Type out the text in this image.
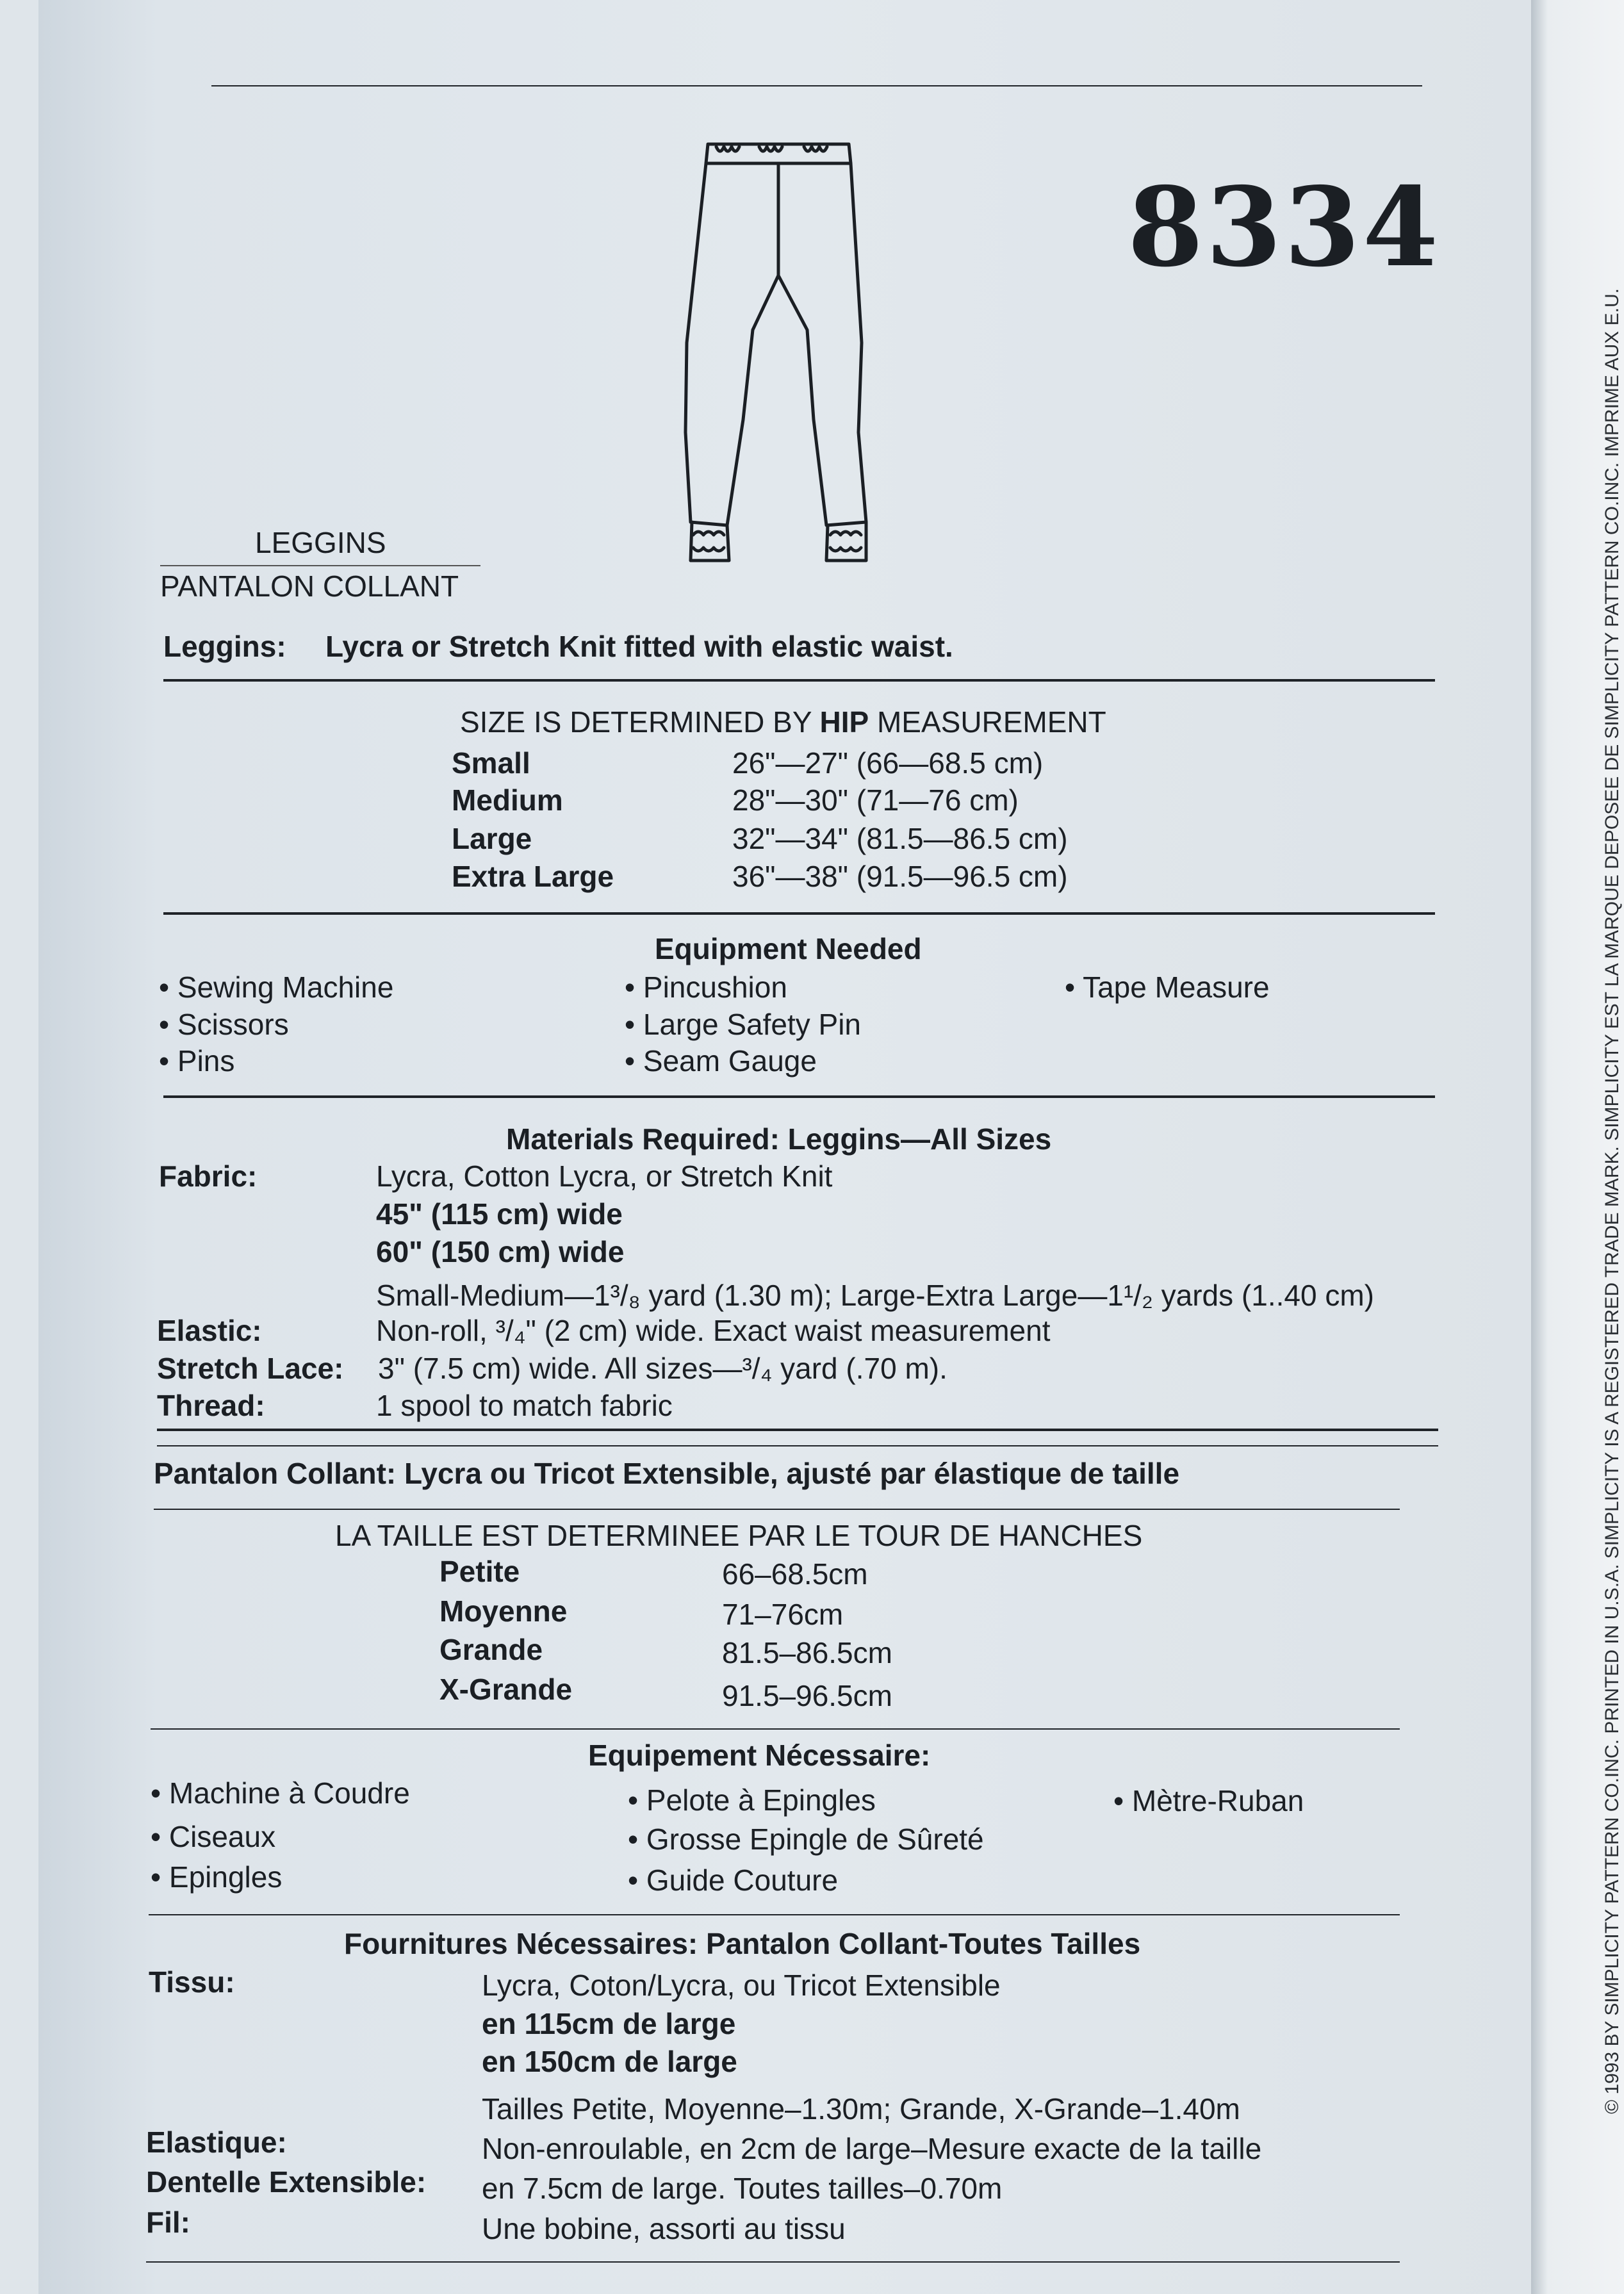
8334
LEGGINS
PANTALON COLLANT
Leggins: Lycra or Stretch Knit fitted with elastic waist.
SIZE IS DETERMINED BY HIP MEASUREMENT
Small	26"—27" (66—68.5 cm)
Medium	28"—30" (71—76 cm)
Large	32"—34" (81.5—86.5 cm)
Extra Large	36"—38" (91.5—96.5 cm)
Equipment Needed
• Sewing Machine
• Scissors
• Pins
• Pincushion
• Large Safety Pin
• Seam Gauge
• Tape Measure
Materials Required: Leggins—All Sizes
Fabric:	Lycra, Cotton Lycra, or Stretch Knit
45" (115 cm) wide
60" (150 cm) wide
Small-Medium—1³/₈ yard (1.30 m); Large-Extra Large—1¹/₂ yards (1..40 cm)
Elastic:	Non-roll, ³/₄" (2 cm) wide. Exact waist measurement
Stretch Lace: 3" (7.5 cm) wide. All sizes—³/₄ yard (.70 m).
Thread:	1 spool to match fabric
Pantalon Collant: Lycra ou Tricot Extensible, ajusté par élastique de taille
LA TAILLE EST DETERMINEE PAR LE TOUR DE HANCHES
Petite	66–68.5cm
Moyenne	71–76cm
Grande	81.5–86.5cm
X-Grande	91.5–96.5cm
Equipement Nécessaire:
• Machine à Coudre
• Ciseaux
• Epingles
• Pelote à Epingles
• Grosse Epingle de Sûreté
• Guide Couture
• Mètre-Ruban
Fournitures Nécessaires: Pantalon Collant-Toutes Tailles
Tissu:	Lycra, Coton/Lycra, ou Tricot Extensible
en 115cm de large
en 150cm de large
Tailles Petite, Moyenne–1.30m; Grande, X-Grande–1.40m
Elastique:	Non-enroulable, en 2cm de large–Mesure exacte de la taille
Dentelle Extensible: en 7.5cm de large. Toutes tailles–0.70m
Fil:	Une bobine, assorti au tissu
© 1993 BY SIMPLICITY PATTERN CO.INC. PRINTED IN U.S.A. SIMPLICITY IS A REGISTERED TRADE MARK. SIMPLICITY EST LA MARQUE DEPOSEE DE SIMPLICITY PATTERN CO.INC. IMPRIME AUX E.U.
